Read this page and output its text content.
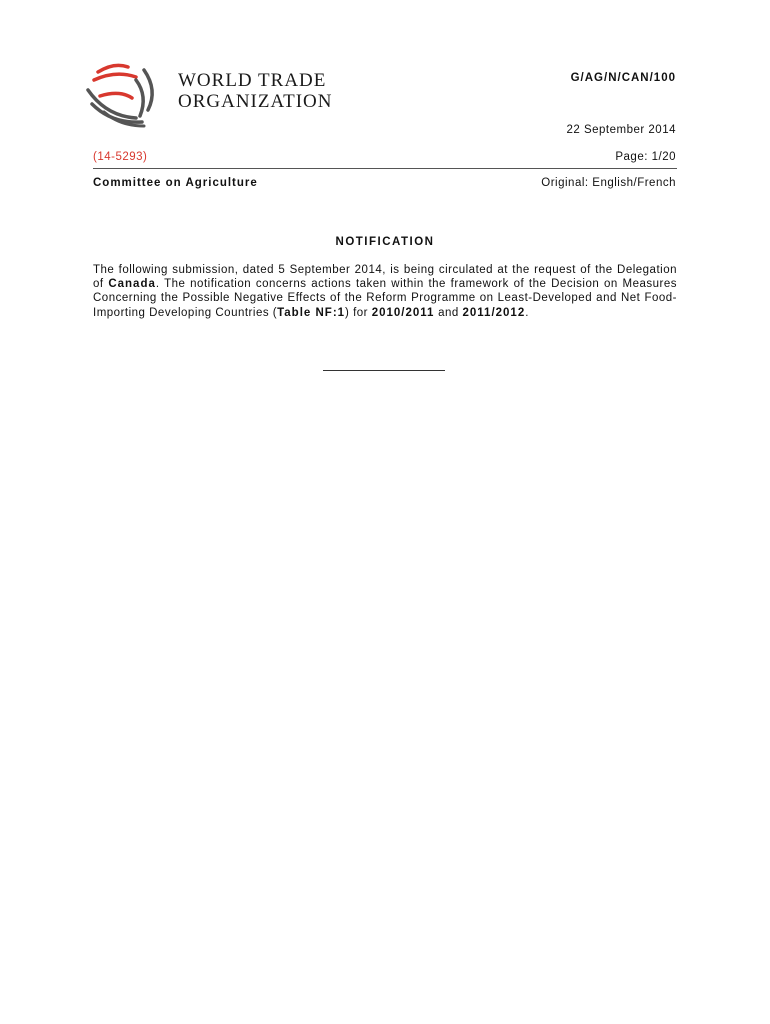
WORLD TRADE
ORGANIZATION
G/AG/N/CAN/100
22 September 2014
(14-5293)	Page: 1/20
Committee on Agriculture	Original: English/French
NOTIFICATION
The following submission, dated 5 September 2014, is being circulated at the request of the Delegation of Canada. The notification concerns actions taken within the framework of the Decision on Measures Concerning the Possible Negative Effects of the Reform Programme on Least-Developed and Net Food-Importing Developing Countries (Table NF:1) for 2010/2011 and 2011/2012.
